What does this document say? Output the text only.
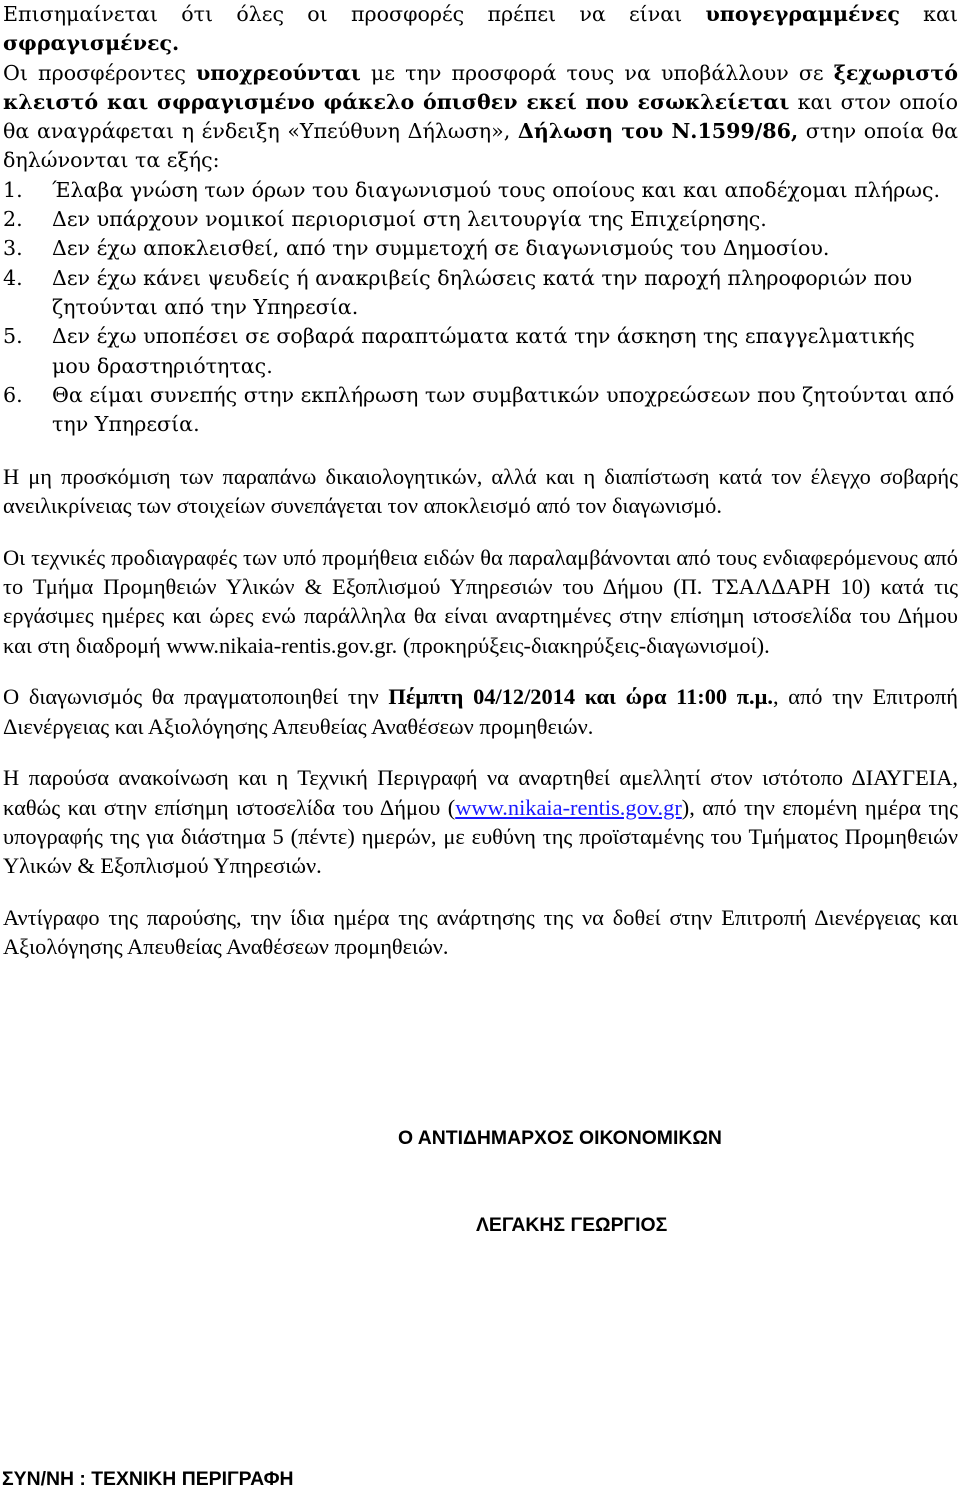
Επισημαίνεται ότι όλες οι προσφορές πρέπει να είναι υπογεγραμμένες και σφραγισμένες.

Οι προσφέροντες υποχρεούνται με την προσφορά τους να υποβάλλουν σε ξεχωριστό κλειστό και σφραγισμένο φάκελο όπισθεν εκεί που εσωκλείεται και στον οποίο θα αναγράφεται η ένδειξη «Υπεύθυνη Δήλωση», Δήλωση του Ν.1599/86, στην οποία θα δηλώνονται τα εξής:

1. Έλαβα γνώση των όρων του διαγωνισμού τους οποίους και και αποδέχομαι πλήρως.
2. Δεν υπάρχουν νομικοί περιορισμοί στη λειτουργία της Επιχείρησης.
3. Δεν έχω αποκλεισθεί, από την συμμετοχή σε διαγωνισμούς του Δημοσίου.
4. Δεν έχω κάνει ψευδείς ή ανακριβείς δηλώσεις κατά την παροχή πληροφοριών που ζητούνται από την Υπηρεσία.
5. Δεν έχω υποπέσει σε σοβαρά παραπτώματα κατά την άσκηση της επαγγελματικής μου δραστηριότητας.
6. Θα είμαι συνεπής στην εκπλήρωση των συμβατικών υποχρεώσεων που ζητούνται από την Υπηρεσία.

Η μη προσκόμιση των παραπάνω δικαιολογητικών, αλλά και η διαπίστωση κατά τον έλεγχο σοβαρής ανειλικρίνειας των στοιχείων συνεπάγεται τον αποκλεισμό από τον διαγωνισμό.

Οι τεχνικές προδιαγραφές των υπό προμήθεια ειδών θα παραλαμβάνονται από τους ενδιαφερόμενους από το Τμήμα Προμηθειών Υλικών & Εξοπλισμού Υπηρεσιών του Δήμου (Π. ΤΣΑΛΔΑΡΗ 10) κατά τις εργάσιμες ημέρες και ώρες ενώ παράλληλα θα είναι αναρτημένες στην επίσημη ιστοσελίδα του Δήμου και στη διαδρομή www.nikaia-rentis.gov.gr. (προκηρύξεις-διακηρύξεις-διαγωνισμοί).

Ο διαγωνισμός θα πραγματοποιηθεί την Πέμπτη 04/12/2014 και ώρα 11:00 π.μ., από την Επιτροπή Διενέργειας και Αξιολόγησης Απευθείας Αναθέσεων προμηθειών.

Η παρούσα ανακοίνωση και η Τεχνική Περιγραφή να αναρτηθεί αμελλητί στον ιστότοπο ΔΙΑΥΓΕΙΑ, καθώς και στην επίσημη ιστοσελίδα του Δήμου (www.nikaia-rentis.gov.gr), από την επομένη ημέρα της υπογραφής της για διάστημα 5 (πέντε) ημερών, με ευθύνη της προϊσταμένης του Τμήματος Προμηθειών Υλικών & Εξοπλισμού Υπηρεσιών.

Αντίγραφο της παρούσης, την ίδια ημέρα της ανάρτησης της να δοθεί στην Επιτροπή Διενέργειας και Αξιολόγησης Απευθείας Αναθέσεων προμηθειών.

Ο ΑΝΤΙΔΗΜΑΡΧΟΣ ΟΙΚΟΝΟΜΙΚΩΝ
ΛΕΓΑΚΗΣ ΓΕΩΡΓΙΟΣ
ΣΥΝ/ΝΗ : ΤΕΧΝΙΚΗ ΠΕΡΙΓΡΑΦΗ
